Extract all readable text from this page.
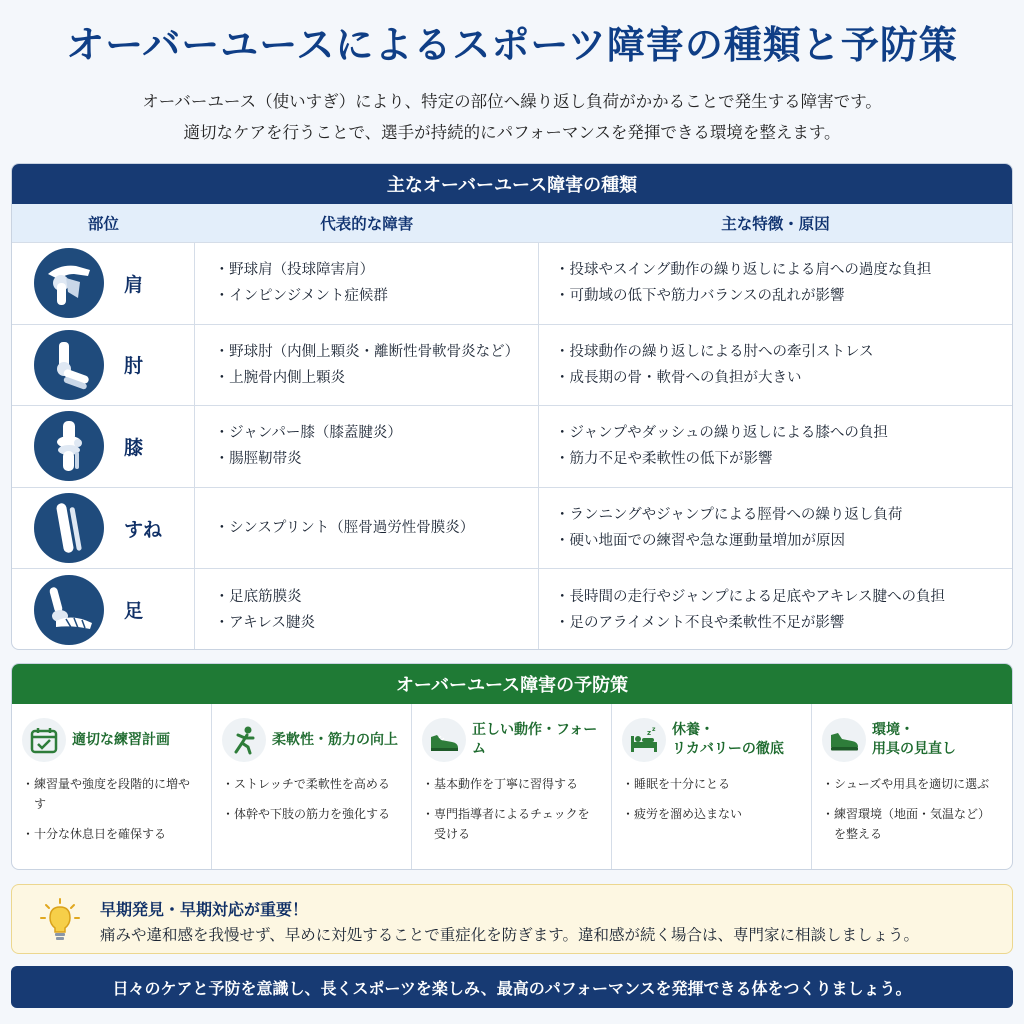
オーバーユースによるスポーツ障害の種類と予防策
オーバーユース（使いすぎ）により、特定の部位へ繰り返し負荷がかかることで発生する障害です。
適切なケアを行うことで、選手が持続的にパフォーマンスを発揮できる環境を整えます。
主なオーバーユース障害の種類
部位	代表的な障害	主な特徴・原因
肩
・ 野球肩（投球障害肩）
・ インピンジメント症候群
・ 投球やスイング動作の繰り返しによる肩への過度な負担
・ 可動域の低下や筋力バランスの乱れが影響
肘
・ 野球肘（内側上顆炎・離断性骨軟骨炎など）
・ 上腕骨内側上顆炎
・ 投球動作の繰り返しによる肘への牽引ストレス
・ 成長期の骨・軟骨への負担が大きい
膝
・ ジャンパー膝（膝蓋腱炎）
・ 腸脛靭帯炎
・ ジャンプやダッシュの繰り返しによる膝への負担
・ 筋力不足や柔軟性の低下が影響
すね
・	シンスプリント（脛骨過労性骨膜炎）
・ ランニングやジャンプによる脛骨への繰り返し負荷
・ 硬い地面での練習や急な運動量増加が原因
足
・ 足底筋膜炎
・ アキレス腱炎
・ 長時間の走行やジャンプによる足底やアキレス腱への負担
・ 足のアライメント不良や柔軟性不足が影響
オーバーユース障害の予防策
適切な練習計画
・ 練習量や強度を段階的に増やす
・ 十分な休息日を確保する
柔軟性・筋力の向上
・ ストレッチで柔軟性を高める
・ 体幹や下肢の筋力を強化する
正しい動作・フォーム
・ 基本動作を丁寧に習得する
・ 専門指導者によるチェックを受ける
z z 休養・
リカバリーの徹底
・ 睡眠を十分にとる
・ 疲労を溜め込まない
環境・
用具の見直し
・ シューズや用具を適切に選ぶ
・ 練習環境（地面・気温など）を整える
早期発見・早期対応が重要！
痛みや違和感を我慢せず、早めに対処することで重症化を防ぎます。違和感が続く場合は、専門家に相談しましょう。
日々のケアと予防を意識し、長くスポーツを楽しみ、最高のパフォーマンスを発揮できる体をつくりましょう。
